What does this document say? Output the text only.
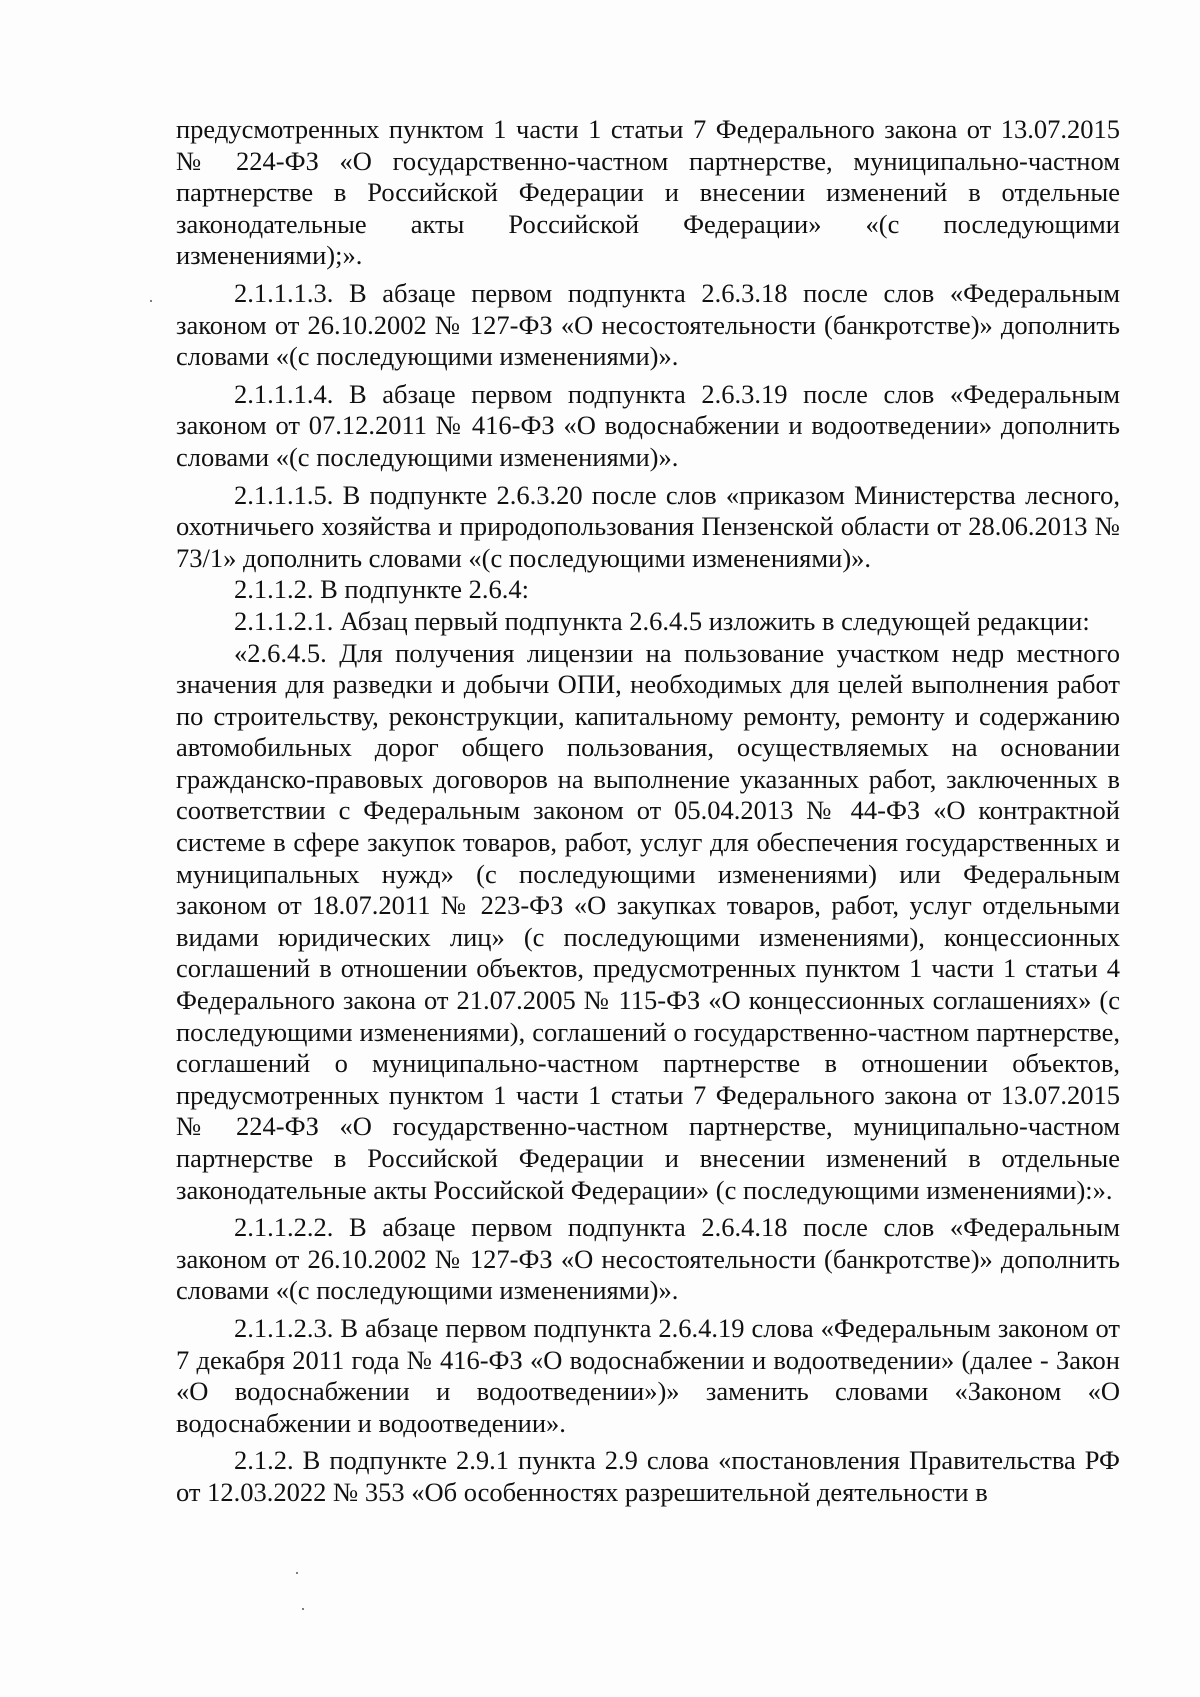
предусмотренных пунктом 1 части 1 статьи 7 Федерального закона от 13.07.2015 № 224-ФЗ «О государственно-частном партнерстве, муниципально-частном партнерстве в Российской Федерации и внесении изменений в отдельные законодательные акты Российской Федерации» «(с последующими изменениями);».

2.1.1.1.3. В абзаце первом подпункта 2.6.3.18 после слов «Федеральным законом от 26.10.2002 № 127-ФЗ «О несостоятельности (банкротстве)» дополнить словами «(с последующими изменениями)».

2.1.1.1.4. В абзаце первом подпункта 2.6.3.19 после слов «Федеральным законом от 07.12.2011 № 416-ФЗ «О водоснабжении и водоотведении» дополнить словами «(с последующими изменениями)».

2.1.1.1.5. В подпункте 2.6.3.20 после слов «приказом Министерства лесного, охотничьего хозяйства и природопользования Пензенской области от 28.06.2013 № 73/1» дополнить словами «(с последующими изменениями)».

2.1.1.2. В подпункте 2.6.4:

2.1.1.2.1. Абзац первый подпункта 2.6.4.5 изложить в следующей редакции:

«2.6.4.5. Для получения лицензии на пользование участком недр местного значения для разведки и добычи ОПИ, необходимых для целей выполнения работ по строительству, реконструкции, капитальному ремонту, ремонту и содержанию автомобильных дорог общего пользования, осуществляемых на основании гражданско-правовых договоров на выполнение указанных работ, заключенных в соответствии с Федеральным законом от 05.04.2013 № 44-ФЗ «О контрактной системе в сфере закупок товаров, работ, услуг для обеспечения государственных и муниципальных нужд» (с последующими изменениями) или Федеральным законом от 18.07.2011 № 223-ФЗ «О закупках товаров, работ, услуг отдельными видами юридических лиц» (с последующими изменениями), концессионных соглашений в отношении объектов, предусмотренных пунктом 1 части 1 статьи 4 Федерального закона от 21.07.2005 № 115-ФЗ «О концессионных соглашениях» (с последующими изменениями), соглашений о государственно-частном партнерстве, соглашений о муниципально-частном партнерстве в отношении объектов, предусмотренных пунктом 1 части 1 статьи 7 Федерального закона от 13.07.2015 № 224-ФЗ «О государственно-частном партнерстве, муниципально-частном партнерстве в Российской Федерации и внесении изменений в отдельные законодательные акты Российской Федерации» (с последующими изменениями):».

2.1.1.2.2. В абзаце первом подпункта 2.6.4.18 после слов «Федеральным законом от 26.10.2002 № 127-ФЗ «О несостоятельности (банкротстве)» дополнить словами «(с последующими изменениями)».

2.1.1.2.3. В абзаце первом подпункта 2.6.4.19 слова «Федеральным законом от 7 декабря 2011 года № 416-ФЗ «О водоснабжении и водоотведении» (далее - Закон «О водоснабжении и водоотведении»)» заменить словами «Законом «О водоснабжении и водоотведении».

2.1.2. В подпункте 2.9.1 пункта 2.9 слова «постановления Правительства РФ от 12.03.2022 № 353 «Об особенностях разрешительной деятельности в
